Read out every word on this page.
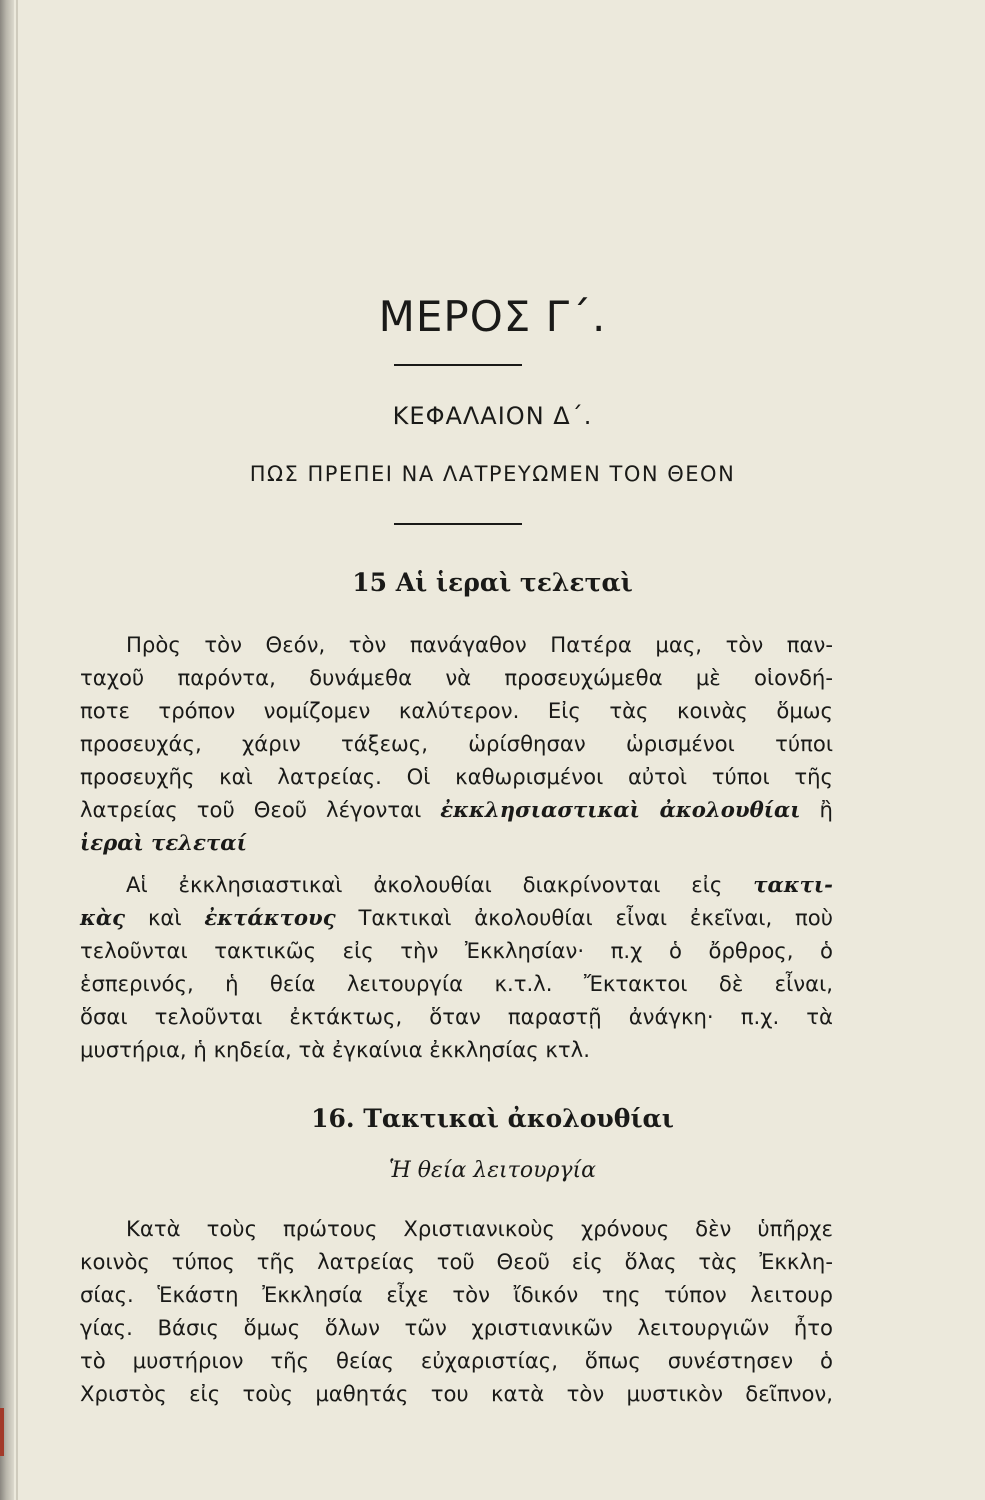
ΜΕΡΟΣ Γ΄.
ΚΕΦΑΛΑΙΟΝ Δ΄.
ΠΩΣ ΠΡΕΠΕΙ ΝΑ ΛΑΤΡΕΥΩΜΕΝ ΤΟΝ ΘΕΟΝ
15 Αἱ ἱεραὶ τελεταὶ
Πρὸς τὸν Θεόν, τὸν πανάγαθον Πατέρα μας, τὸν παν-
ταχοῦ παρόντα, δυνάμεθα νὰ προσευχώμεθα μὲ οἱονδή-
ποτε τρόπον νομίζομεν καλύτερον. Εἰς τὰς κοινὰς ὅμως
προσευχάς, χάριν τάξεως, ὡρίσθησαν ὡρισμένοι τύποι
προσευχῆς καὶ λατρείας. Οἱ καθωρισμένοι αὐτοὶ τύποι τῆς
λατρείας τοῦ Θεοῦ λέγονται ἐκκλησιαστικαὶ ἀκολουθίαι ἢ
ἱεραὶ τελεταί
Αἱ ἐκκλησιαστικαὶ ἀκολουθίαι διακρίνονται εἰς τακτι-
κὰς καὶ ἐκτάκτους Τακτικαὶ ἀκολουθίαι εἶναι ἐκεῖναι, ποὺ
τελοῦνται τακτικῶς εἰς τὴν Ἐκκλησίαν· π.χ ὁ ὄρθρος, ὁ
ἑσπερινός, ἡ θεία λειτουργία κ.τ.λ. Ἔκτακτοι δὲ εἶναι,
ὅσαι τελοῦνται ἐκτάκτως, ὅταν παραστῇ ἀνάγκη· π.χ. τὰ
μυστήρια, ἡ κηδεία, τὰ ἐγκαίνια ἐκκλησίας κτλ.
16. Τακτικαὶ ἀκολουθίαι
Ἡ θεία λειτουργία
Κατὰ τοὺς πρώτους Χριστιανικοὺς χρόνους δὲν ὑπῆρχε
κοινὸς τύπος τῆς λατρείας τοῦ Θεοῦ εἰς ὅλας τὰς Ἐκκλη-
σίας. Ἑκάστη Ἐκκλησία εἶχε τὸν ἴδικόν της τύπον λειτουρ
γίας. Βάσις ὅμως ὅλων τῶν χριστιανικῶν λειτουργιῶν ἦτο
τὸ μυστήριον τῆς θείας εὐχαριστίας, ὅπως συνέστησεν ὁ
Χριστὸς εἰς τοὺς μαθητάς του κατὰ τὸν μυστικὸν δεῖπνον,
